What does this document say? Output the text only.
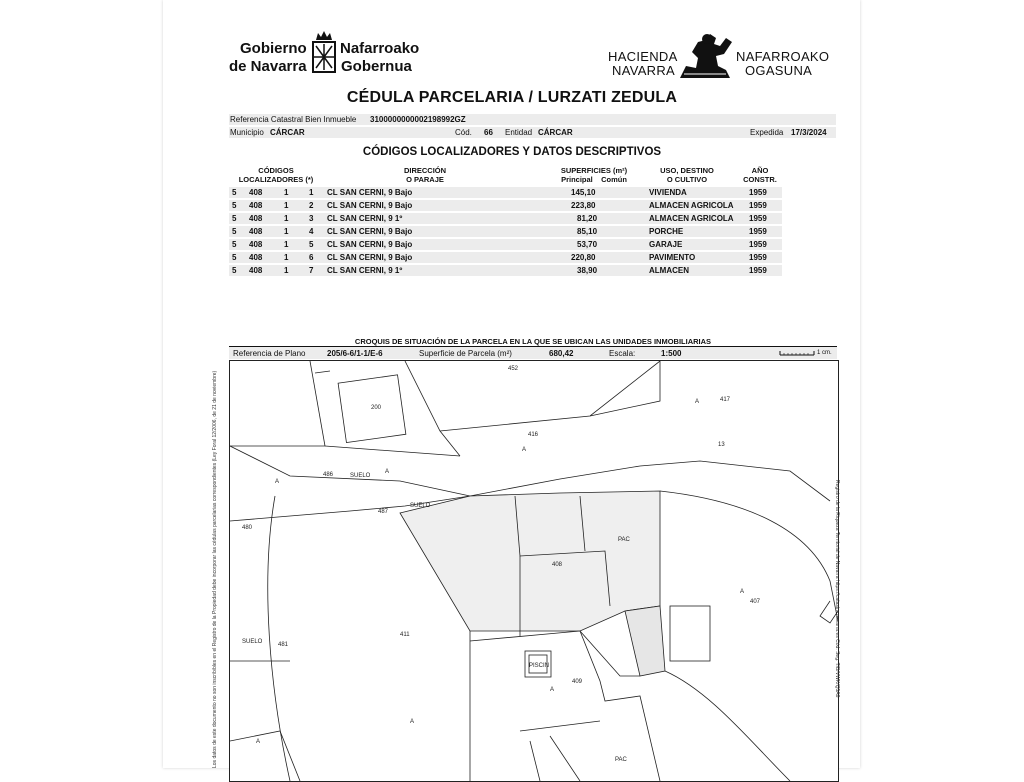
Gobierno
de Navarra
Nafarroako
Gobernua
HACIENDA
NAVARRA
NAFARROAKO
OGASUNA
CÉDULA PARCELARIA / LURZATI ZEDULA
Referencia Catastral Bien Inmueble 3100000000002198992GZ
Municipio CÁRCAR	Cód. 66 Entidad CÁRCAR	Expedida 17/3/2024
CÓDIGOS LOCALIZADORES Y DATOS DESCRIPTIVOS
CÓDIGOS
LOCALIZADORES (*)
DIRECCIÓN
O PARAJE
SUPERFICIES (m²)
Principal Común
USO, DESTINO
O CULTIVO
AÑO
CONSTR.
5 408	1	1 CL SAN CERNI, 9 Bajo	145,10	VIVIENDA	1959
5 408	1	2 CL SAN CERNI, 9 Bajo	223,80	ALMACEN AGRICOLA 1959
5 408	1	3 CL SAN CERNI, 9 1º	81,20	ALMACEN AGRICOLA 1959
5 408	1	4 CL SAN CERNI, 9 Bajo	85,10	PORCHE	1959
5 408	1	5 CL SAN CERNI, 9 Bajo	53,70	GARAJE	1959
5 408	1	6 CL SAN CERNI, 9 Bajo	220,80	PAVIMENTO	1959
5 408	1	7 CL SAN CERNI, 9 1º	38,90	ALMACEN	1959
CROQUIS DE SITUACIÓN DE LA PARCELA EN LA QUE SE UBICAN LAS UNIDADES INMOBILIARIAS
Referencia de Plano	205/6-6/1-1/E-6	Superficie de Parcela (m²)	680,42	Escala:	1:500	1 cm.
452
200
416
417
486
487
480
408
481
411
409
407
13
SUELO
SUELO
SUELO
PAC
PAC
PISCIN
A
A
A
A
A
A
A
A
Los datos de este documento no son inscribibles en el Registro de la Propiedad debe incorporar las cédulas parcelarias correspondientes (Ley Foral 12/2006, de 21 de noviembre)	Registro de la Riqueza Territorial de Navarra https://catastro.navarra.es Cód. Seg. T/B/VWK/Q5A8
